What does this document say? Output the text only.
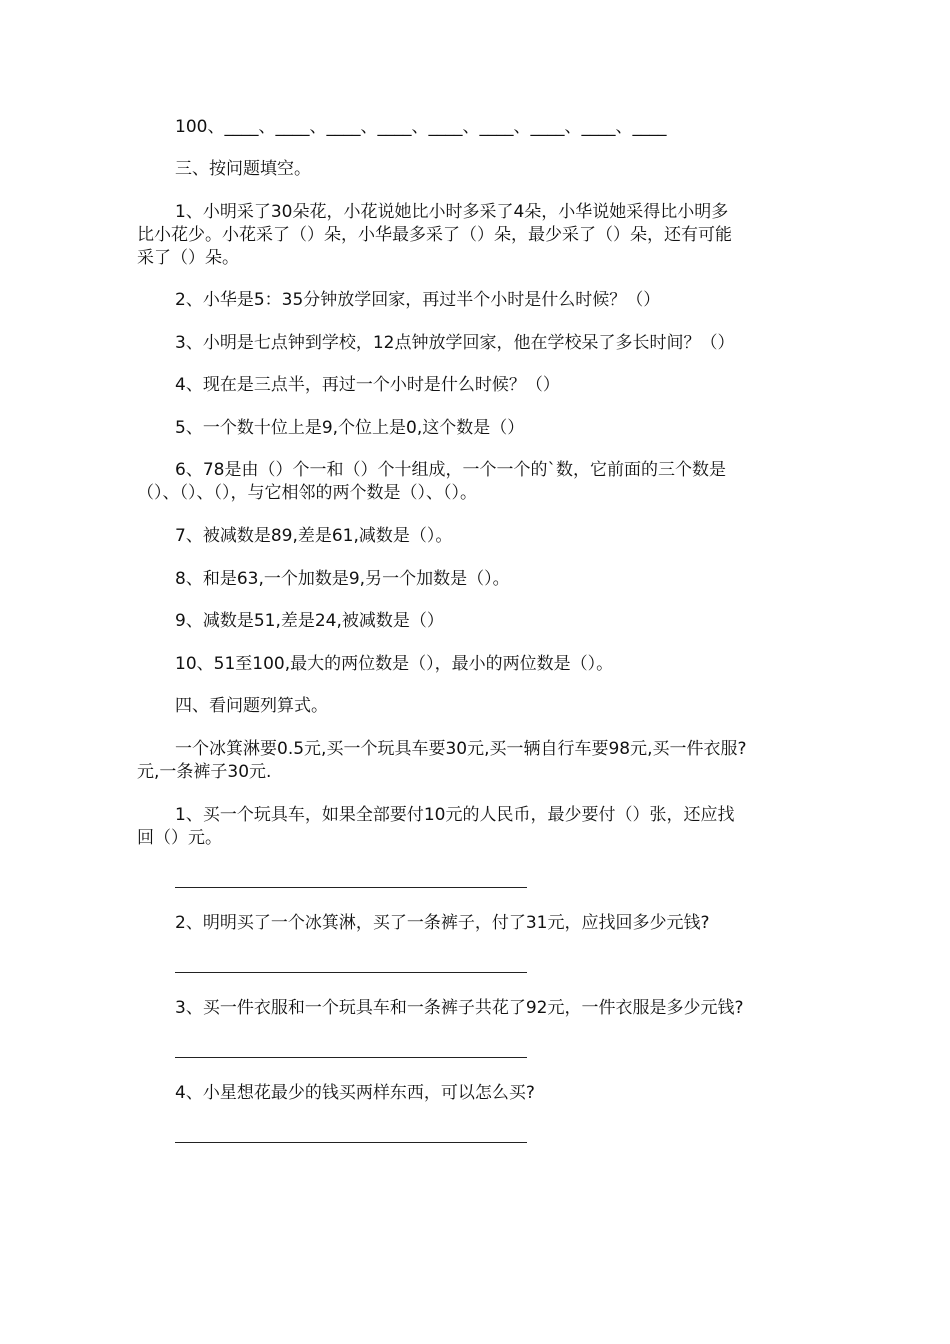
100、____、____、____、____、____、____、____、____、____
三、按问题填空。
1、小明采了30朵花，小花说她比小时多采了4朵，小华说她采得比小明多
比小花少。小花采了（）朵，小华最多采了（）朵，最少采了（）朵，还有可能
采了（）朵。
2、小华是5：35分钟放学回家，再过半个小时是什么时候？（）
3、小明是七点钟到学校，12点钟放学回家，他在学校呆了多长时间？（）
4、现在是三点半，再过一个小时是什么时候？（）
5、一个数十位上是9,个位上是0,这个数是（）
6、78是由（）个一和（）个十组成，一个一个的`数，它前面的三个数是
（）、（）、（），与它相邻的两个数是（）、（）。
7、被减数是89,差是61,减数是（）。
8、和是63,一个加数是9,另一个加数是（）。
9、减数是51,差是24,被减数是（）
10、51至100,最大的两位数是（），最小的两位数是（）。
四、看问题列算式。
一个冰箕淋要0.5元,买一个玩具车要30元,买一辆自行车要98元,买一件衣服?
元,一条裤子30元.
1、买一个玩具车，如果全部要付10元的人民币，最少要付（）张，还应找
回（）元。
2、明明买了一个冰箕淋，买了一条裤子，付了31元，应找回多少元钱?
3、买一件衣服和一个玩具车和一条裤子共花了92元，一件衣服是多少元钱?
4、小星想花最少的钱买两样东西，可以怎么买?
